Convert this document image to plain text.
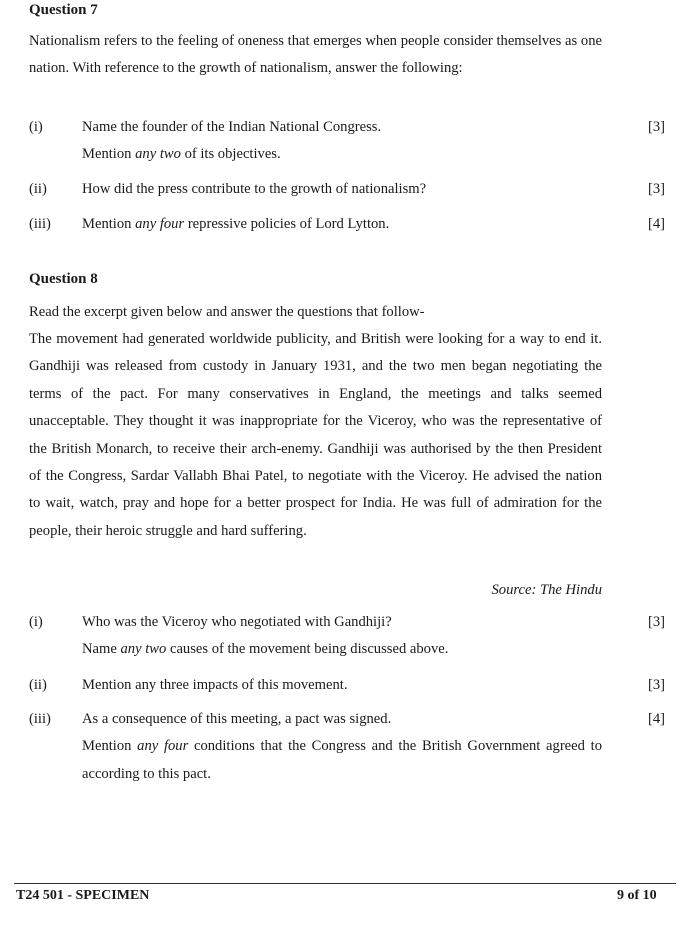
Question 7

Nationalism refers to the feeling of oneness that emerges when people consider themselves as one nation. With reference to the growth of nationalism, answer the following:

(i)	Name the founder of the Indian National Congress.	[3]
Mention any two of its objectives.
(ii) How did the press contribute to the growth of nationalism?	[3]
(iii) Mention any four repressive policies of Lord Lytton.	[4]
Question 8
Read the excerpt given below and answer the questions that follow-

The movement had generated worldwide publicity, and British were looking for a way to end it. Gandhiji was released from custody in January 1931, and the two men began negotiating the terms of the pact. For many conservatives in England, the meetings and talks seemed unacceptable. They thought it was inappropriate for the Viceroy, who was the representative of the British Monarch, to receive their arch-enemy. Gandhiji was authorised by the then President of the Congress, Sardar Vallabh Bhai Patel, to negotiate with the Viceroy. He advised the nation to wait, watch, pray and hope for a better prospect for India. He was full of admiration for the people, their heroic struggle and hard suffering.

Source: The Hindu
(i)	Who was the Viceroy who negotiated with Gandhiji?	[3]
Name any two causes of the movement being discussed above.
(ii) Mention any three impacts of this movement.	[3]
(iii) As a consequence of this meeting, a pact was signed.	[4]

Mention any four conditions that the Congress and the British Government agreed to according to this pact.

T24 501 - SPECIMEN	9 of 10
